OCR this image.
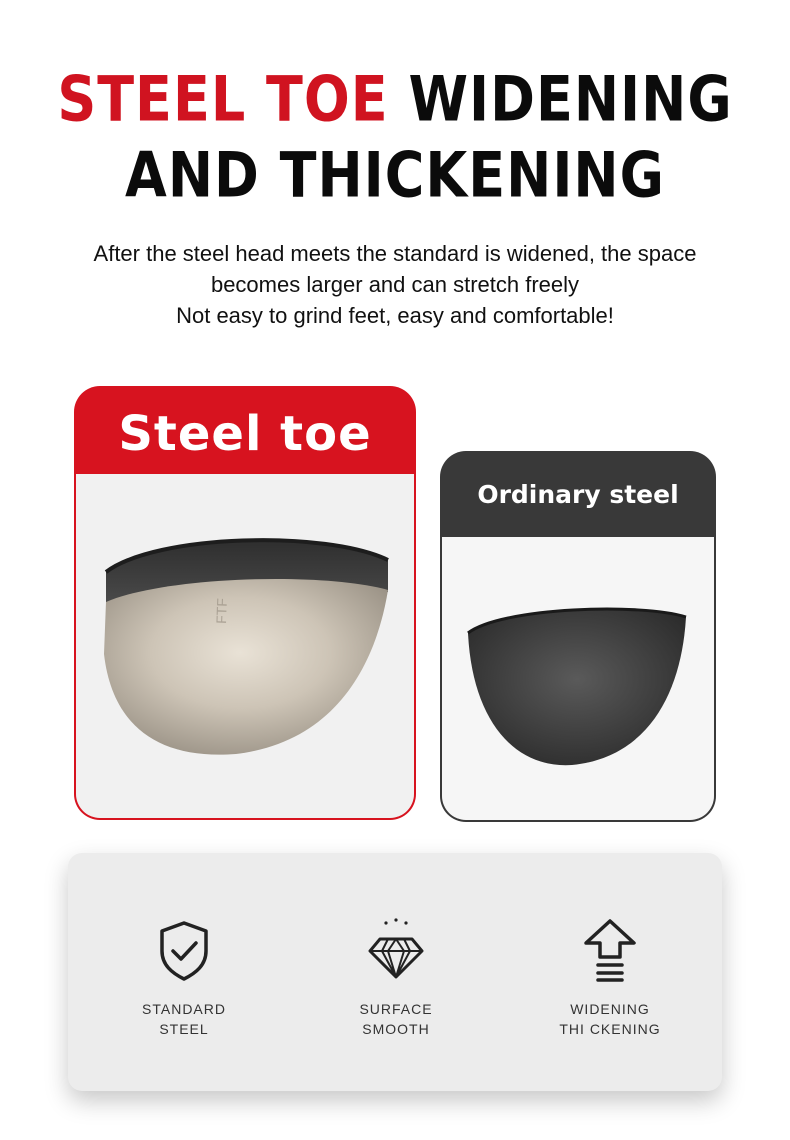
STEEL TOE WIDENING
AND THICKENING
After the steel head meets the standard is widened, the space
becomes larger and can stretch freely
Not easy to grind feet, easy and comfortable!
Steel toe
FTF
Ordinary steel
STANDARD
STEEL
SURFACE
SMOOTH
WIDENING
THI CKENING
